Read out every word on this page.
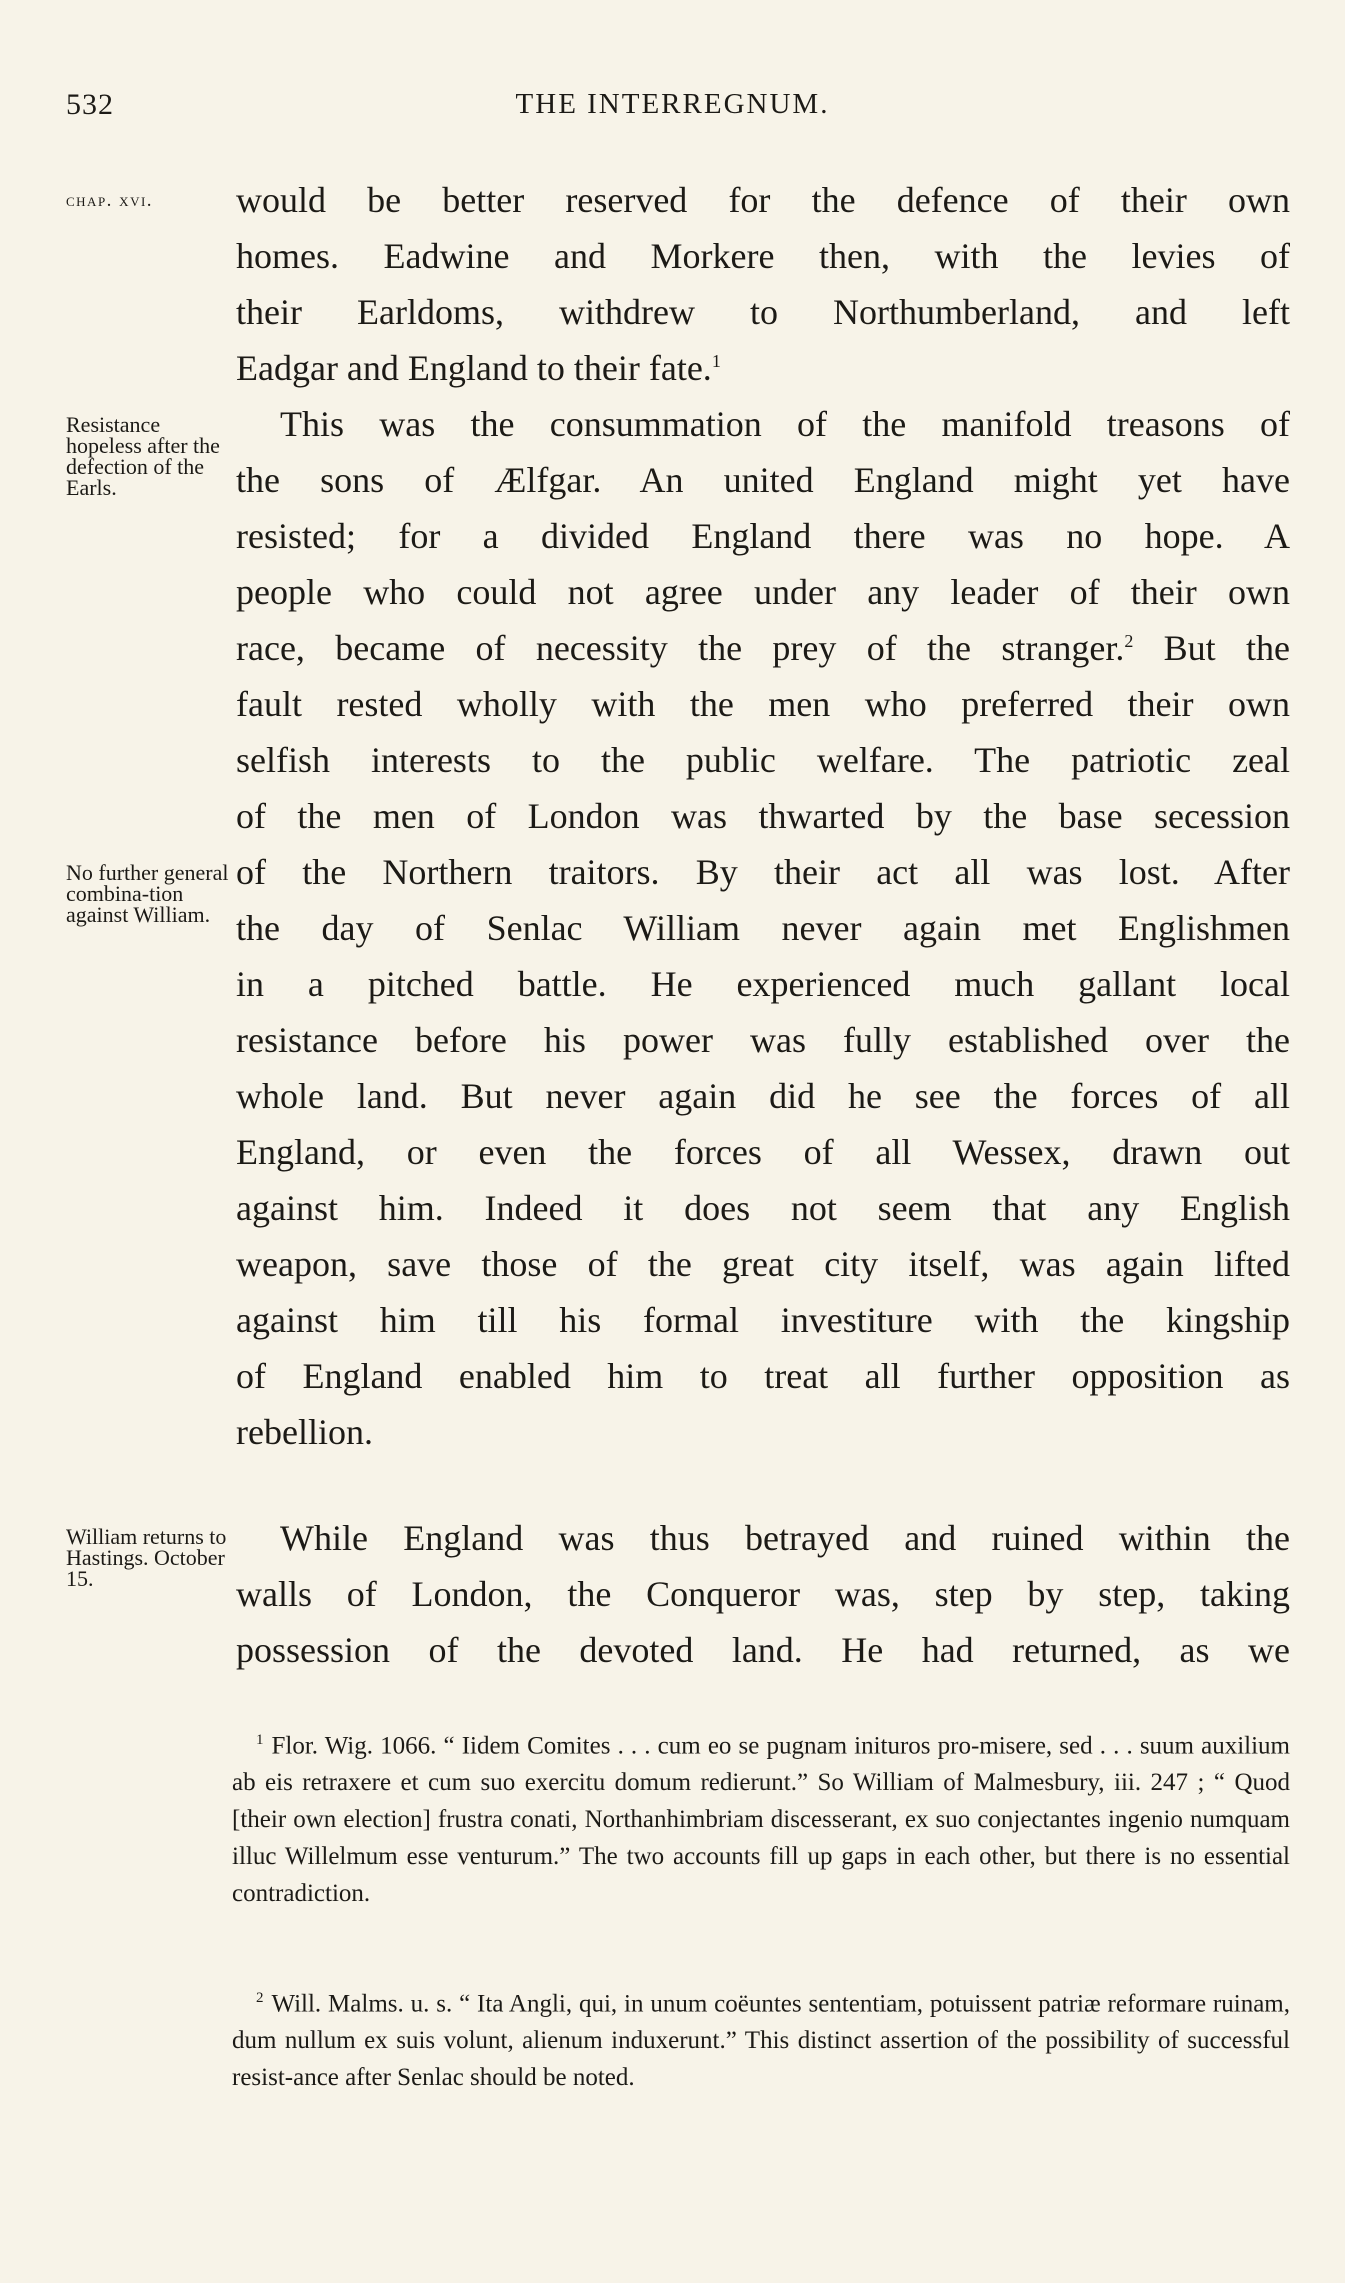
532	THE INTERREGNUM.
chap. xvi.
Resistance hopeless after the defection of the Earls.
No further general combina-tion against William.
William returns to Hastings. October 15.
would be better reserved for the defence of their own
homes. Eadwine and Morkere then, with the levies of
their Earldoms, withdrew to Northumberland, and left
Eadgar and England to their fate.$^1$
This was the consummation of the manifold treasons of
the sons of Ælfgar. An united England might yet have
resisted; for a divided England there was no hope. A
people who could not agree under any leader of their own
race, became of necessity the prey of the stranger.$^2$ But the
fault rested wholly with the men who preferred their own
selfish interests to the public welfare. The patriotic zeal
of the men of London was thwarted by the base secession
of the Northern traitors. By their act all was lost. After
the day of Senlac William never again met Englishmen
in a pitched battle. He experienced much gallant local
resistance before his power was fully established over the
whole land. But never again did he see the forces of all
England, or even the forces of all Wessex, drawn out
against him. Indeed it does not seem that any English
weapon, save those of the great city itself, was again lifted
against him till his formal investiture with the kingship
of England enabled him to treat all further opposition as
rebellion.
While England was thus betrayed and ruined within the
walls of London, the Conqueror was, step by step, taking
possession of the devoted land. He had returned, as we
$^1$ Flor. Wig. 1066. “ Iidem Comites . . . cum eo se pugnam inituros pro-misere, sed . . . suum auxilium ab eis retraxere et cum suo exercitu domum redierunt.” So William of Malmesbury, iii. 247 ; “ Quod [their own election] frustra conati, Northanhimbriam discesserant, ex suo conjectantes ingenio numquam illuc Willelmum esse venturum.” The two accounts fill up gaps in each other, but there is no essential contradiction.
$^2$ Will. Malms. u. s. “ Ita Angli, qui, in unum coëuntes sententiam, potuissent patriæ reformare ruinam, dum nullum ex suis volunt, alienum induxerunt.” This distinct assertion of the possibility of successful resist-ance after Senlac should be noted.
